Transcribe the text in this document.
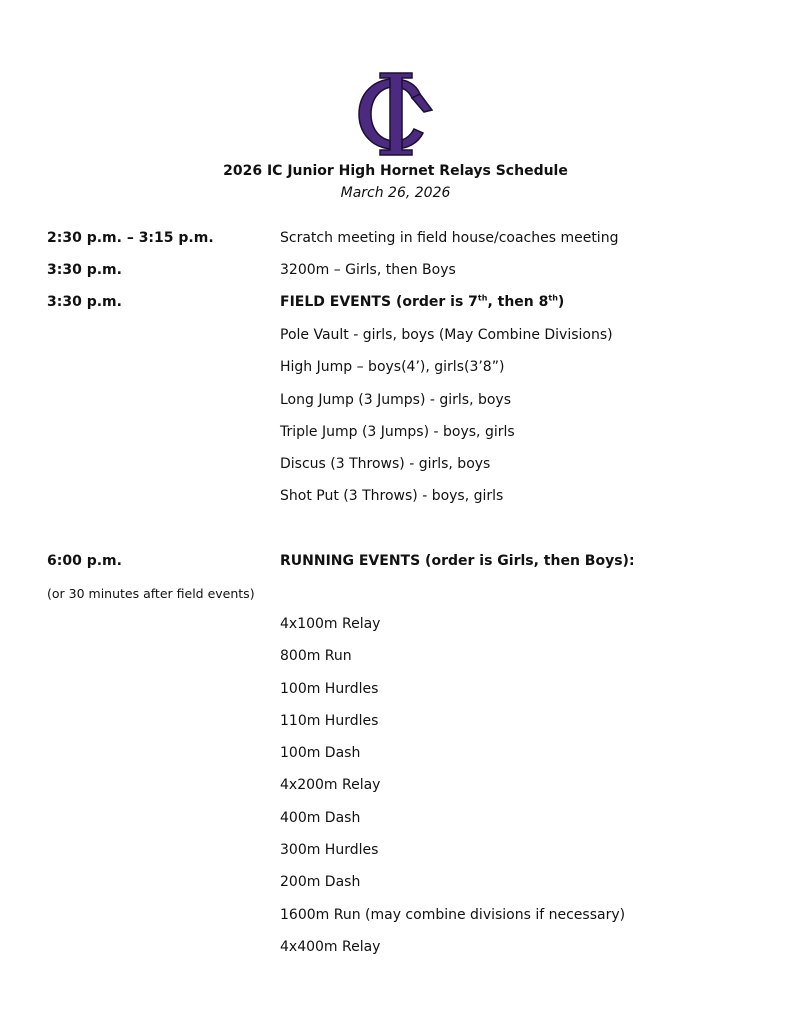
2026 IC Junior High Hornet Relays Schedule
March 26, 2026
2:30 p.m. – 3:15 p.m.	Scratch meeting in field house/coaches meeting
3:30 p.m.	3200m – Girls, then Boys
3:30 p.m.	FIELD EVENTS (order is 7th, then 8th)
Pole Vault - girls, boys (May Combine Divisions)
High Jump – boys(4’), girls(3’8”)
Long Jump (3 Jumps) - girls, boys
Triple Jump (3 Jumps) - boys, girls
Discus (3 Throws) - girls, boys
Shot Put (3 Throws) - boys, girls
6:00 p.m.	RUNNING EVENTS (order is Girls, then Boys):
(or 30 minutes after field events)
4x100m Relay
800m Run
100m Hurdles
110m Hurdles
100m Dash
4x200m Relay
400m Dash
300m Hurdles
200m Dash
1600m Run (may combine divisions if necessary)
4x400m Relay
